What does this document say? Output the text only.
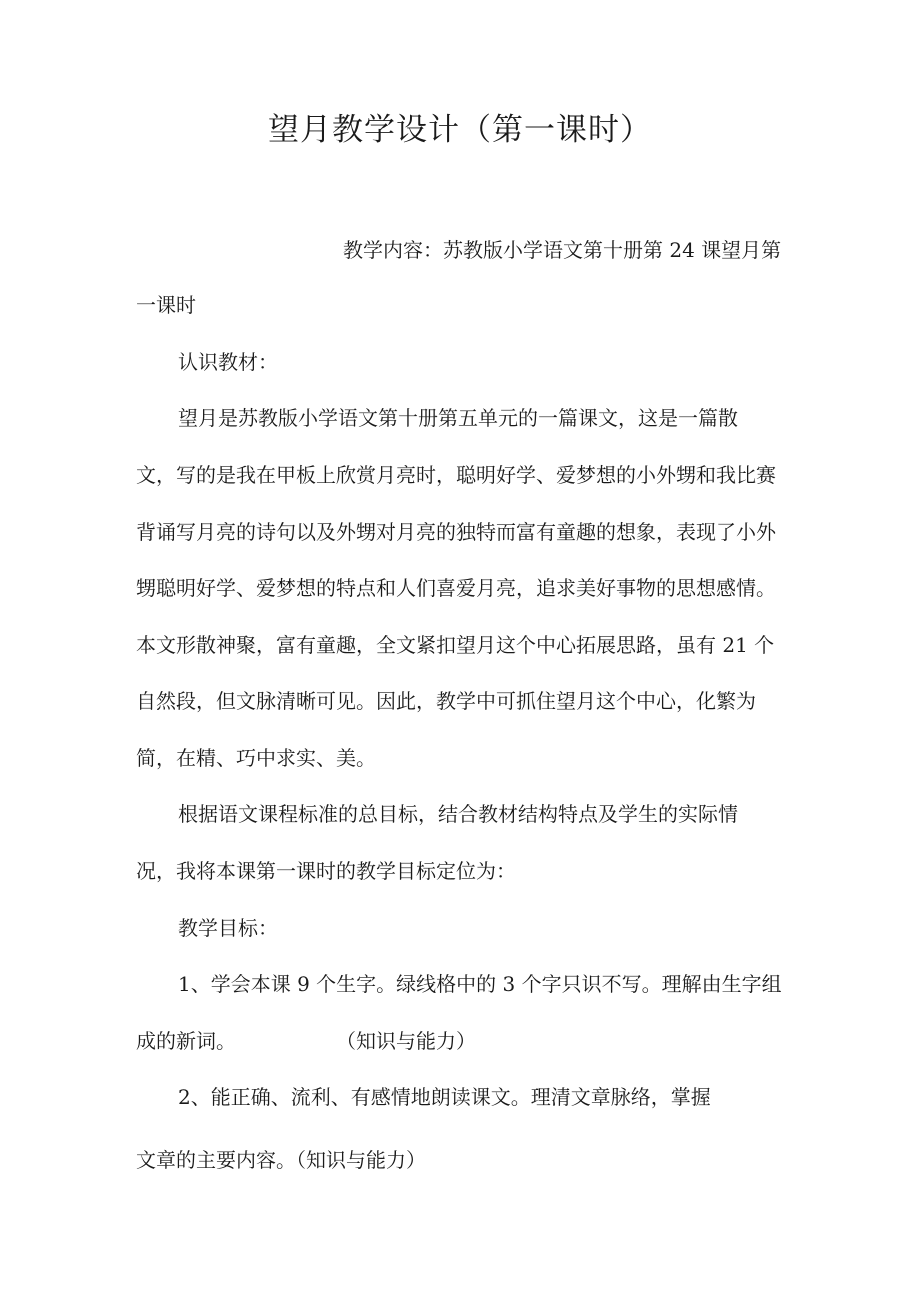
望月教学设计（第一课时）

教学内容：苏教版小学语文第十册第 24 课望月第

一课时

认识教材：

望月是苏教版小学语文第十册第五单元的一篇课文，这是一篇散

文，写的是我在甲板上欣赏月亮时，聪明好学、爱梦想的小外甥和我比赛

背诵写月亮的诗句以及外甥对月亮的独特而富有童趣的想象，表现了小外

甥聪明好学、爱梦想的特点和人们喜爱月亮，追求美好事物的思想感情。

本文形散神聚，富有童趣，全文紧扣望月这个中心拓展思路，虽有 21 个

自然段，但文脉清晰可见。因此，教学中可抓住望月这个中心，化繁为

简，在精、巧中求实、美。

根据语文课程标准的总目标，结合教材结构特点及学生的实际情

况，我将本课第一课时的教学目标定位为：

教学目标：

1、学会本课 9 个生字。绿线格中的 3 个字只识不写。理解由生字组

成的新词。	（知识与能力）

2、能正确、流利、有感情地朗读课文。理清文章脉络，掌握

文章的主要内容。（知识与能力）
